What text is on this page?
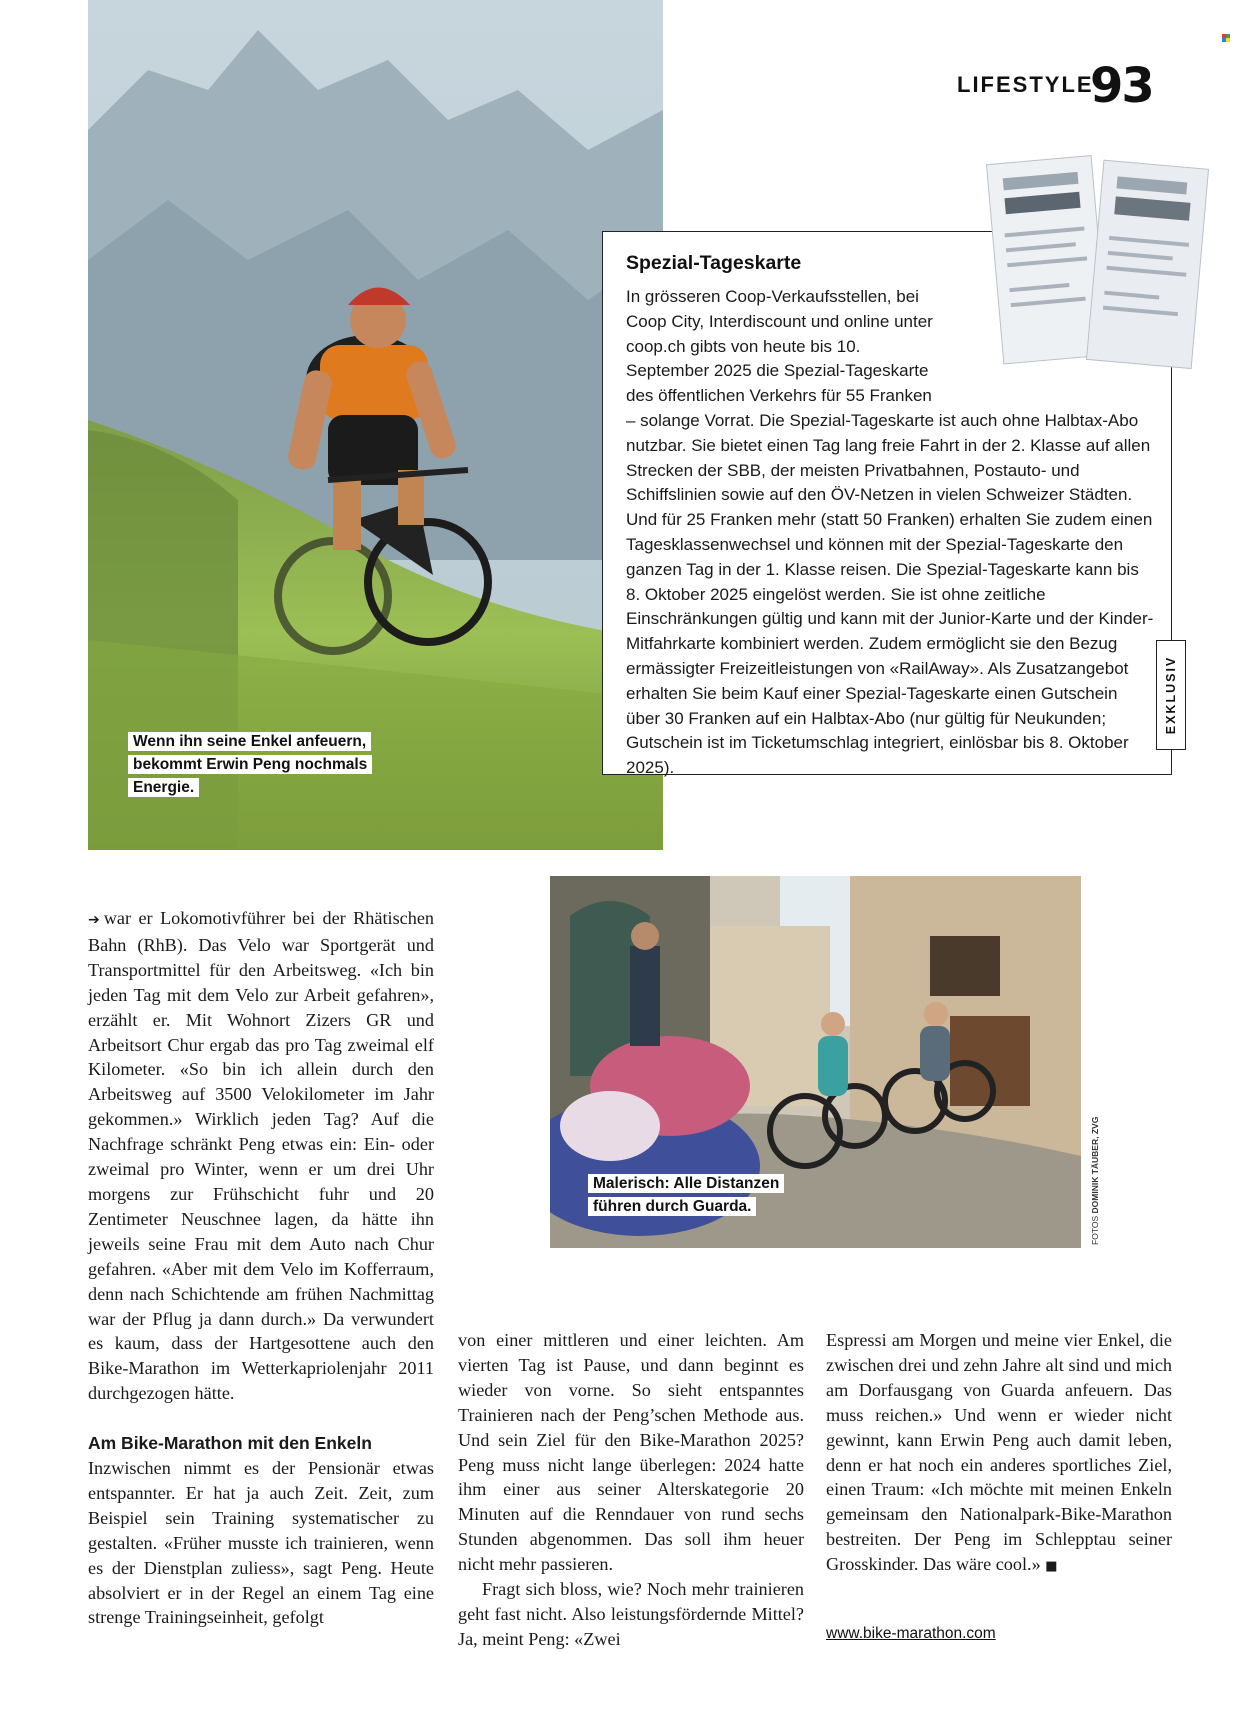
LIFESTYLE
93
Wenn ihn seine Enkel anfeuern, bekommt Erwin Peng nochmals Energie.
Spezial-Tageskarte
In grösseren Coop-Verkaufsstellen, bei Coop City, Interdiscount und online unter coop.ch gibts von heute bis 10. September 2025 die Spezial-Tageskarte des öffentlichen Verkehrs für 55 Franken – solange Vorrat. Die Spezial-Tageskarte ist auch ohne Halbtax-Abo nutzbar. Sie bietet einen Tag lang freie Fahrt in der 2. Klasse auf allen Strecken der SBB, der meisten Privatbahnen, Postauto- und Schiffslinien sowie auf den ÖV-Netzen in vielen Schweizer Städten. Und für 25 Franken mehr (statt 50 Franken) erhalten Sie zudem einen Tagesklassenwechsel und können mit der Spezial-Tageskarte den ganzen Tag in der 1. Klasse reisen. Die Spezial-Tageskarte kann bis 8. Oktober 2025 eingelöst werden. Sie ist ohne zeitliche Einschränkungen gültig und kann mit der Junior-Karte und der Kinder-Mitfahrkarte kombiniert werden. Zudem ermöglicht sie den Bezug ermässigter Freizeitleistungen von «RailAway». Als Zusatzangebot erhalten Sie beim Kauf einer Spezial-Tageskarte einen Gutschein über 30 Franken auf ein Halbtax-Abo (nur gültig für Neukunden; Gutschein ist im Ticketumschlag integriert, einlösbar bis 8. Oktober 2025).
EXKLUSIV
Malerisch: Alle Distanzen führen durch Guarda.
FOTOS DOMINIK TÄUBER, ZVG

➔ war er Lokomotivführer bei der Rhätischen Bahn (RhB). Das Velo war Sportgerät und Transportmittel für den Arbeitsweg. «Ich bin jeden Tag mit dem Velo zur Arbeit gefahren», erzählt er. Mit Wohnort Zizers GR und Arbeitsort Chur ergab das pro Tag zweimal elf Kilometer. «So bin ich allein durch den Arbeitsweg auf 3500 Velokilometer im Jahr gekommen.» Wirklich jeden Tag? Auf die Nachfrage schränkt Peng etwas ein: Ein- oder zweimal pro Winter, wenn er um drei Uhr morgens zur Frühschicht fuhr und 20 Zentimeter Neuschnee lagen, da hätte ihn jeweils seine Frau mit dem Auto nach Chur gefahren. «Aber mit dem Velo im Kofferraum, denn nach Schichtende am frühen Nachmittag war der Pflug ja dann durch.» Da verwundert es kaum, dass der Hartgesottene auch den Bike-Marathon im Wetterkapriolenjahr 2011 durchgezogen hätte.

Am Bike-Marathon mit den Enkeln

Inzwischen nimmt es der Pensionär etwas entspannter. Er hat ja auch Zeit. Zeit, zum Beispiel sein Training systematischer zu gestalten. «Früher musste ich trainieren, wenn es der Dienstplan zuliess», sagt Peng. Heute absolviert er in der Regel an einem Tag eine strenge Trainingseinheit, gefolgt

von einer mittleren und einer leichten. Am vierten Tag ist Pause, und dann beginnt es wieder von vorne. So sieht entspanntes Trainieren nach der Peng’schen Methode aus. Und sein Ziel für den Bike-Marathon 2025? Peng muss nicht lange überlegen: 2024 hatte ihm einer aus seiner Alterskategorie 20 Minuten auf die Renndauer von rund sechs Stunden abgenommen. Das soll ihm heuer nicht mehr passieren.

Fragt sich bloss, wie? Noch mehr trainieren geht fast nicht. Also leistungsfördernde Mittel? Ja, meint Peng: «Zwei

Espressi am Morgen und meine vier Enkel, die zwischen drei und zehn Jahre alt sind und mich am Dorfausgang von Guarda anfeuern. Das muss reichen.» Und wenn er wieder nicht gewinnt, kann Erwin Peng auch damit leben, denn er hat noch ein anderes sportliches Ziel, einen Traum: «Ich möchte mit meinen Enkeln gemeinsam den Nationalpark-Bike-Marathon bestreiten. Der Peng im Schlepptau seiner Grosskinder. Das wäre cool.» ■

www.bike-marathon.com
